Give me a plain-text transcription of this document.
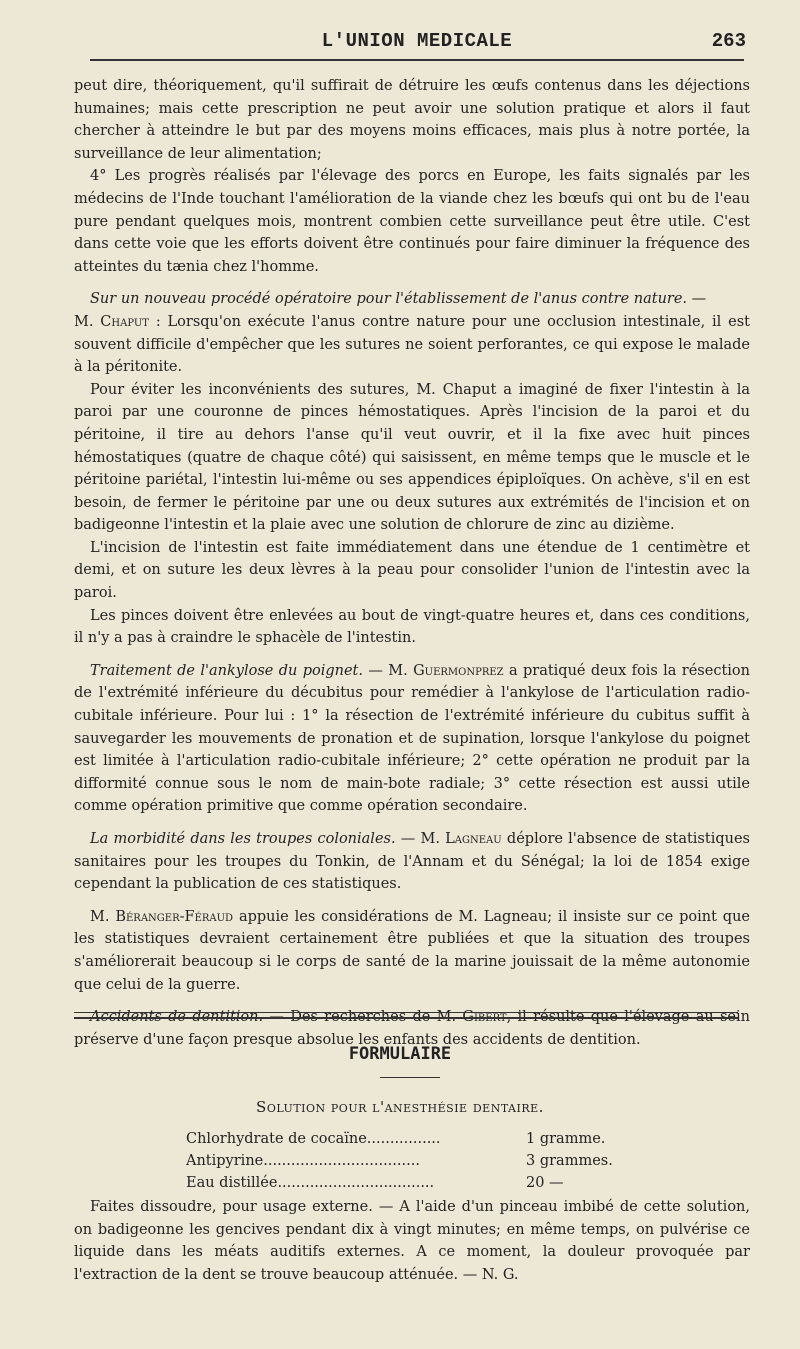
L'UNION MEDICALE	263

peut dire, théoriquement, qu'il suffirait de détruire les œufs contenus dans les déjections humaines; mais cette prescription ne peut avoir une solution pratique et alors il faut chercher à atteindre le but par des moyens moins efficaces, mais plus à notre portée, la surveillance de leur alimentation;

4° Les progrès réalisés par l'élevage des porcs en Europe, les faits signalés par les médecins de l'Inde touchant l'amélioration de la viande chez les bœufs qui ont bu de l'eau pure pendant quelques mois, montrent combien cette surveillance peut être utile. C'est dans cette voie que les efforts doivent être continués pour faire diminuer la fréquence des atteintes du tænia chez l'homme.

Sur un nouveau procédé opératoire pour l'établissement de l'anus contre nature. —
M. Chaput : Lorsqu'on exécute l'anus contre nature pour une occlusion intestinale, il est souvent difficile d'empêcher que les sutures ne soient perforantes, ce qui expose le malade à la péritonite.

Pour éviter les inconvénients des sutures, M. Chaput a imaginé de fixer l'intestin à la paroi par une couronne de pinces hémostatiques. Après l'incision de la paroi et du péritoine, il tire au dehors l'anse qu'il veut ouvrir, et il la fixe avec huit pinces hémostatiques (quatre de chaque côté) qui saisissent, en même temps que le muscle et le péritoine pariétal, l'intestin lui-même ou ses appendices épiploïques. On achève, s'il en est besoin, de fermer le péritoine par une ou deux sutures aux extrémités de l'incision et on badigeonne l'intestin et la plaie avec une solution de chlorure de zinc au dizième.

L'incision de l'intestin est faite immédiatement dans une étendue de 1 centimètre et demi, et on suture les deux lèvres à la peau pour consolider l'union de l'intestin avec la paroi.

Les pinces doivent être enlevées au bout de vingt-quatre heures et, dans ces conditions, il n'y a pas à craindre le sphacèle de l'intestin.

Traitement de l'ankylose du poignet. — M. Guermonprez a pratiqué deux fois la résection de l'extrémité inférieure du décubitus pour remédier à l'ankylose de l'articulation radio-cubitale inférieure. Pour lui : 1° la résection de l'extrémité inférieure du cubitus suffit à sauvegarder les mouvements de pronation et de supination, lorsque l'ankylose du poignet est limitée à l'articulation radio-cubitale inférieure; 2° cette opération ne produit par la difformité connue sous le nom de main-bote radiale; 3° cette résection est aussi utile comme opération primitive que comme opération secondaire.

La morbidité dans les troupes coloniales. — M. Lagneau déplore l'absence de statistiques sanitaires pour les troupes du Tonkin, de l'Annam et du Sénégal; la loi de 1854 exige cependant la publication de ces statistiques.

M. Béranger-Féraud appuie les considérations de M. Lagneau; il insiste sur ce point que les statistiques devraient certainement être publiées et que la situation des troupes s'améliorerait beaucoup si le corps de santé de la marine jouissait de la même autonomie que celui de la guerre.

Accidents de dentition. — Des recherches de M. Gibert, il résulte que l'élevage au sein préserve d'une façon presque absolue les enfants des accidents de dentition.

FORMULAIRE
Solution pour l'anesthésie dentaire.
Chlorhydrate de cocaïne................	1 gramme.
Antipyrine..................................	3 grammes.
Eau distillée..................................	20 —

Faites dissoudre, pour usage externe. — A l'aide d'un pinceau imbibé de cette solution, on badigeonne les gencives pendant dix à vingt minutes; en même temps, on pulvérise ce liquide dans les méats auditifs externes. A ce moment, la douleur provoquée par l'extraction de la dent se trouve beaucoup atténuée. — N. G.
